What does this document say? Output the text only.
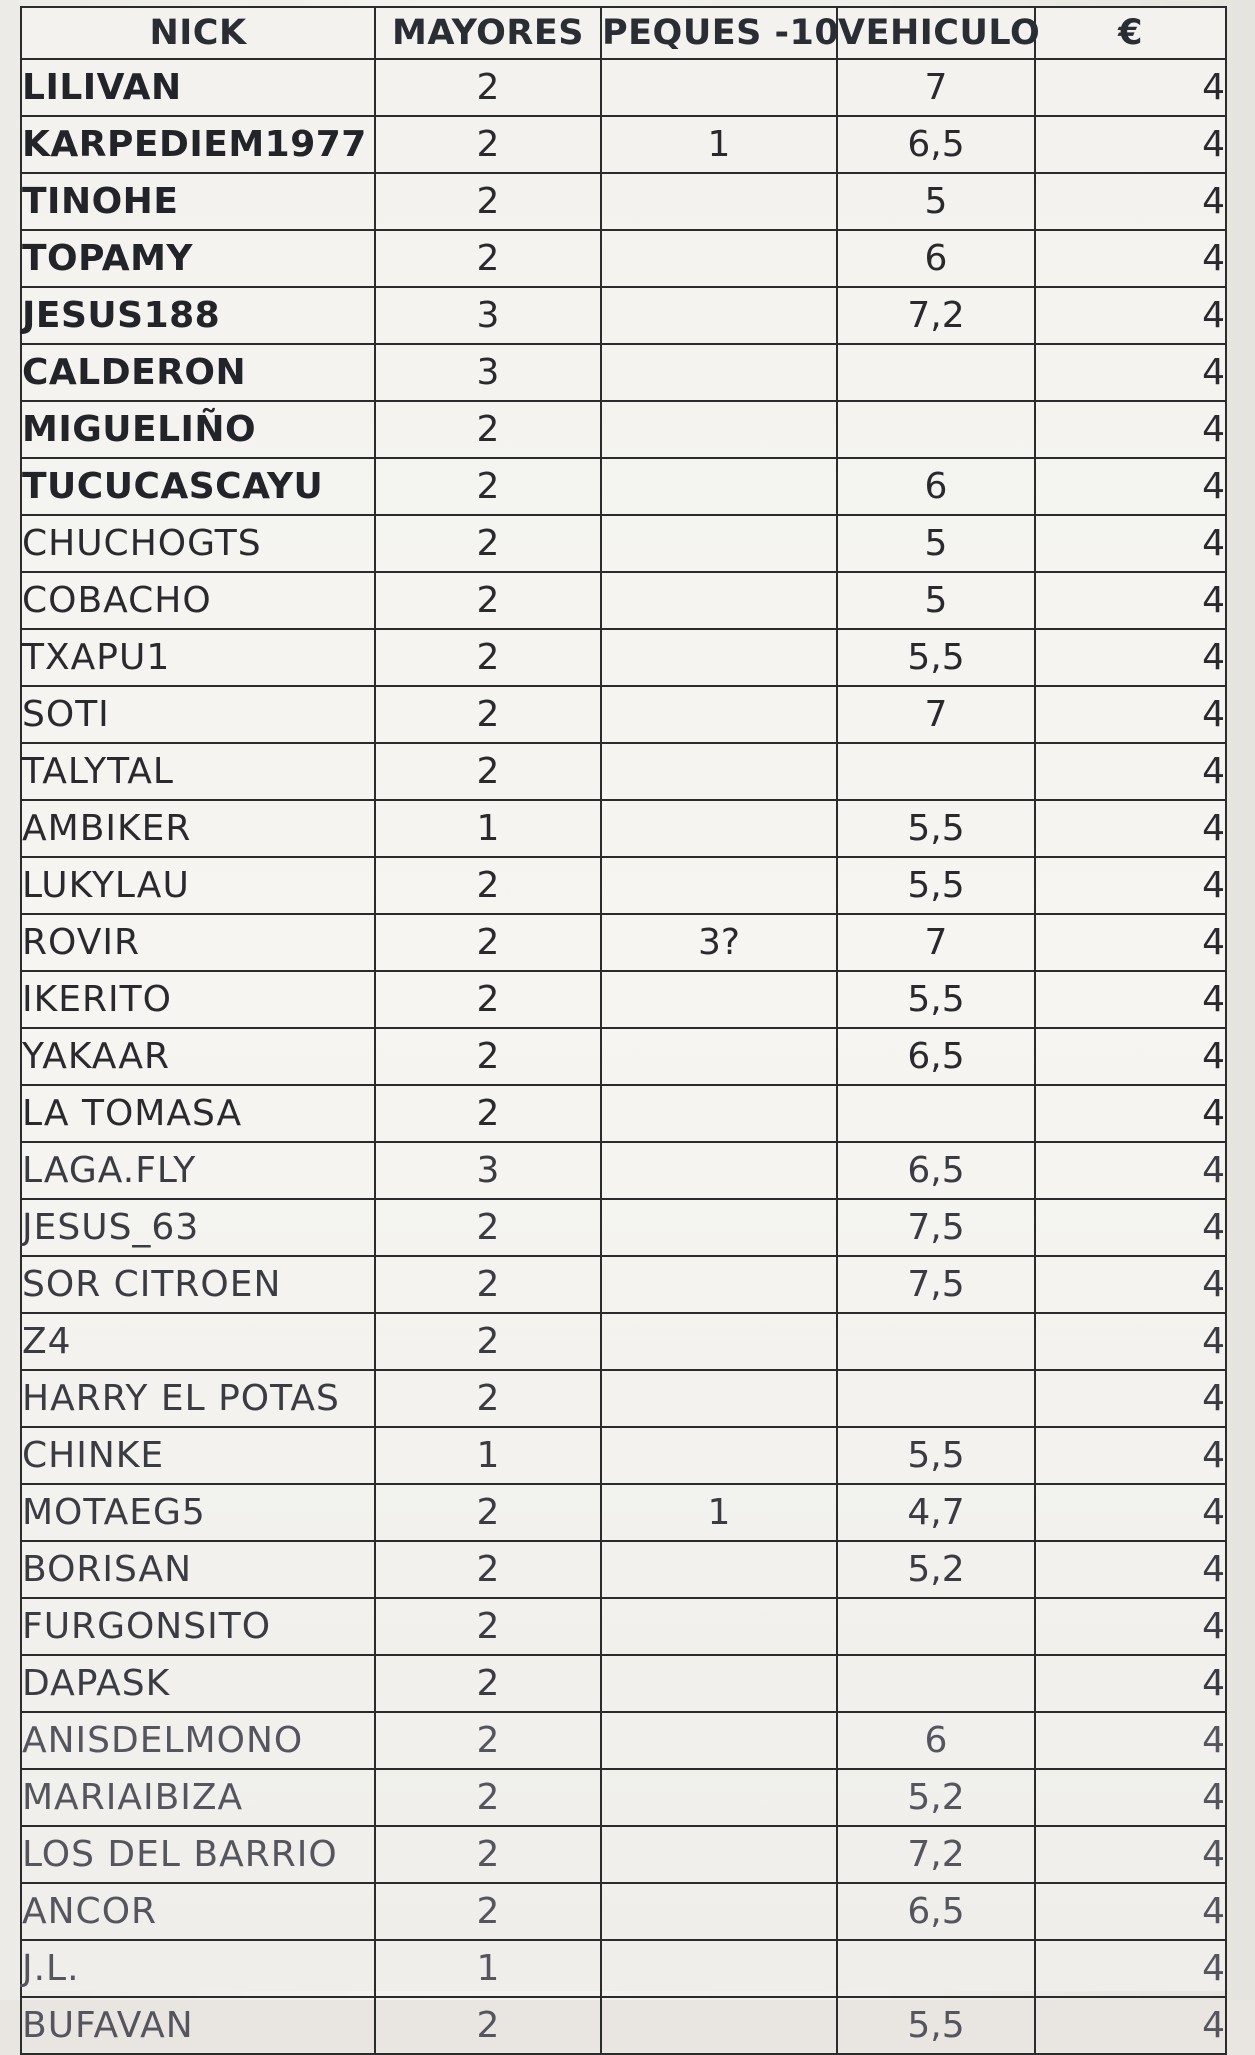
NICK	MAYORES	PEQUES -10	VEHICULO	€
LILIVAN	2		7	4
KARPEDIEM1977	2	1	6,5	4
TINOHE	2		5	4
TOPAMY	2		6	4
JESUS188	3		7,2	4
CALDERON	3			4
MIGUELIÑO	2			4
TUCUCASCAYU	2		6	4
CHUCHOGTS	2		5	4
COBACHO	2		5	4
TXAPU1	2		5,5	4
SOTI	2		7	4
TALYTAL	2			4
AMBIKER	1		5,5	4
LUKYLAU	2		5,5	4
ROVIR	2	3?	7	4
IKERITO	2		5,5	4
YAKAAR	2		6,5	4
LA TOMASA	2			4
LAGA.FLY	3		6,5	4
JESUS_63	2		7,5	4
SOR CITROEN	2		7,5	4
Z4	2			4
HARRY EL POTAS	2			4
CHINKE	1		5,5	4
MOTAEG5	2	1	4,7	4
BORISAN	2		5,2	4
FURGONSITO	2			4
DAPASK	2			4
ANISDELMONO	2		6	4
MARIAIBIZA	2		5,2	4
LOS DEL BARRIO	2		7,2	4
ANCOR	2		6,5	4
J.L.	1			4
BUFAVAN	2		5,5	4
